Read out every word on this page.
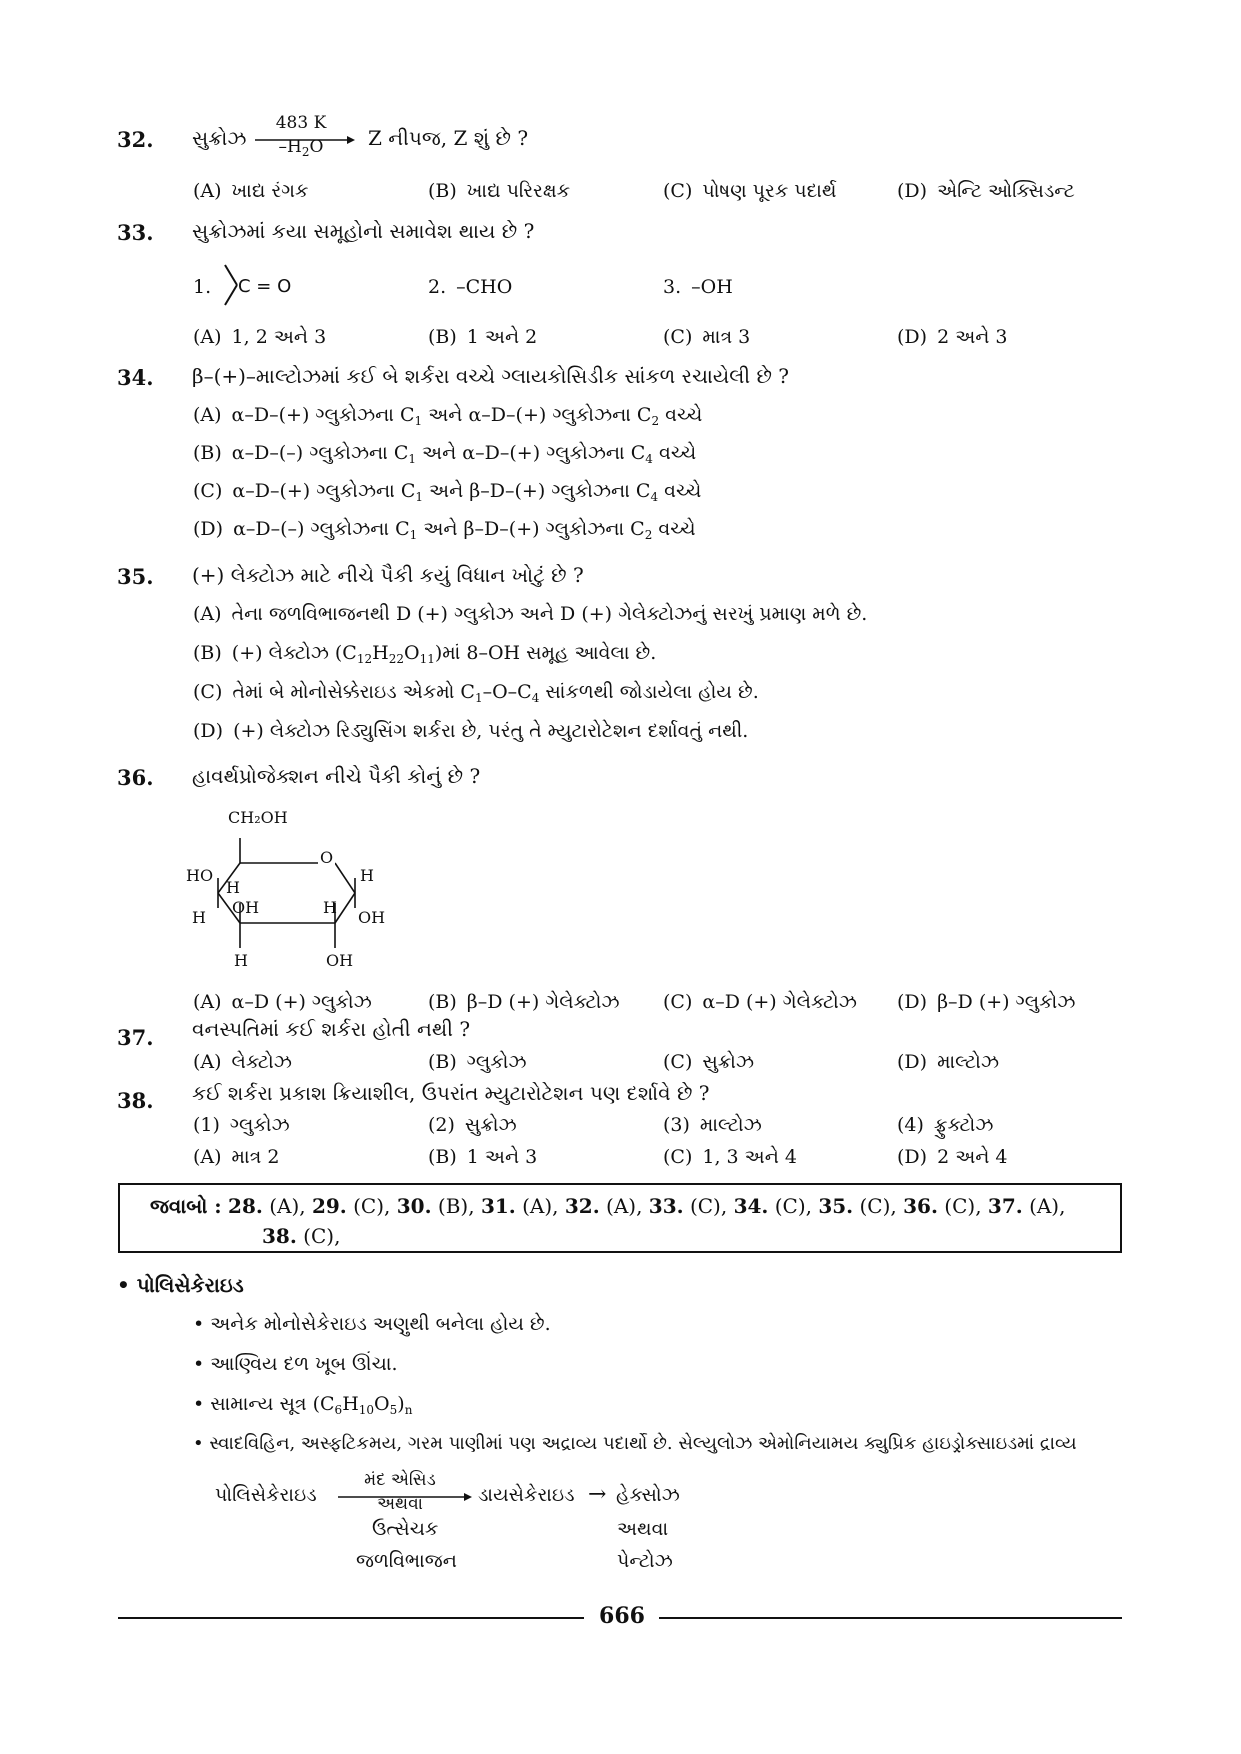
32. સુક્રોઝ
483 K
$-H_2O$	Z નીપજ, Z શું છે ?
(A) ખાદ્ય રંગક	(B) ખાદ્ય પરિરક્ષક	(C) પોષણ પૂરક પદાર્થ	(D) એન્ટિ ઓક્સિડન્ટ
33. સુક્રોઝમાં કયા સમૂહોનો સમાવેશ થાય છે ?
1. C = O	2. –CHO	3. –OH
(A) 1, 2 અને 3	(B) 1 અને 2	(C) માત્ર 3	(D) 2 અને 3
34. β–(+)–માલ્ટોઝમાં કઈ બે શર્કરા વચ્ચે ગ્લાયકોસિડીક સાંકળ રચાયેલી છે ?
(A) α–D–(+) ગ્લુકોઝના $C_1$ અને α–D–(+) ગ્લુકોઝના $C_2$ વચ્ચે
(B) α–D–(–) ગ્લુકોઝના $C_1$ અને α–D–(+) ગ્લુકોઝના $C_4$ વચ્ચે
(C) α–D–(+) ગ્લુકોઝના $C_1$ અને β–D–(+) ગ્લુકોઝના $C_4$ વચ્ચે
(D) α–D–(–) ગ્લુકોઝના $C_1$ અને β–D–(+) ગ્લુકોઝના $C_2$ વચ્ચે
35. (+) લેક્ટોઝ માટે નીચે પૈકી કયું વિધાન ખોટું છે ?
(A) તેના જળવિભાજનથી D (+) ગ્લુકોઝ અને D (+) ગેલેક્ટોઝનું સરખું પ્રમાણ મળે છે.
(B) (+) લેક્ટોઝ $(C_{12}H_{22}O_{11})માં$ 8–OH સમૂહ આવેલા છે.
(C) તેમાં બે મોનોસેક્કેરાઇડ એકમો $C_1-O-C_4$ સાંકળથી જોડાયેલા હોય છે.
(D) (+) લેક્ટોઝ રિડ્યુસિંગ શર્કરા છે, પરંતુ તે મ્યુટારોટેશન દર્શાવતું નથી.
36. હાવર્થપ્રોજેક્શન નીચે પૈકી કોનું છે ?
CH₂OH
O
HO
H
H
OH	H
H	OH
H	OH
(A) α–D (+) ગ્લુકોઝ	(B) β–D (+) ગેલેક્ટોઝ (C) α–D (+) ગેલેક્ટોઝ (D) β–D (+) ગ્લુકોઝ
37. વનસ્પતિમાં કઈ શર્કરા હોતી નથી ?
(A) લેક્ટોઝ	(B) ગ્લુકોઝ	(C) સુક્રોઝ	(D) માલ્ટોઝ
38. કઈ શર્કરા પ્રકાશ ક્રિયાશીલ, ઉપરાંત મ્યુટારોટેશન પણ દર્શાવે છે ?
(1) ગ્લુકોઝ	(2) સુક્રોઝ	(3) માલ્ટોઝ	(4) ફ્રુક્ટોઝ
(A) માત્ર 2	(B) 1 અને 3	(C) 1, 3 અને 4	(D) 2 અને 4
જવાબો : 28. (A), 29. (C), 30. (B), 31. (A), 32. (A), 33. (C), 34. (C), 35. (C), 36. (C), 37. (A),
38. (C),
• પોલિસેકેરાઇડ
• અનેક મોનોસેકેરાઇડ અણુથી બનેલા હોય છે.
• આણ્વિય દળ ખૂબ ઊંચા.
• સામાન્ય સૂત્ર $(C_6H_{10}O_5)_n$
• સ્વાદવિહિન, અસ્ફટિકમય, ગરમ પાણીમાં પણ અદ્રાવ્ય પદાર્થો છે. સેલ્યુલોઝ એમોનિયામય ક્યુપ્રિક હાઇડ્રોક્સાઇડમાં દ્રાવ્ય
પોલિસેકેરાઇડ
મંદ એસિડ
અથવા	ડાયસેકેરાઇડ → હેક્સોઝ
ઉત્સેચક
જળવિભાજન
અથવા
પેન્ટોઝ
666
